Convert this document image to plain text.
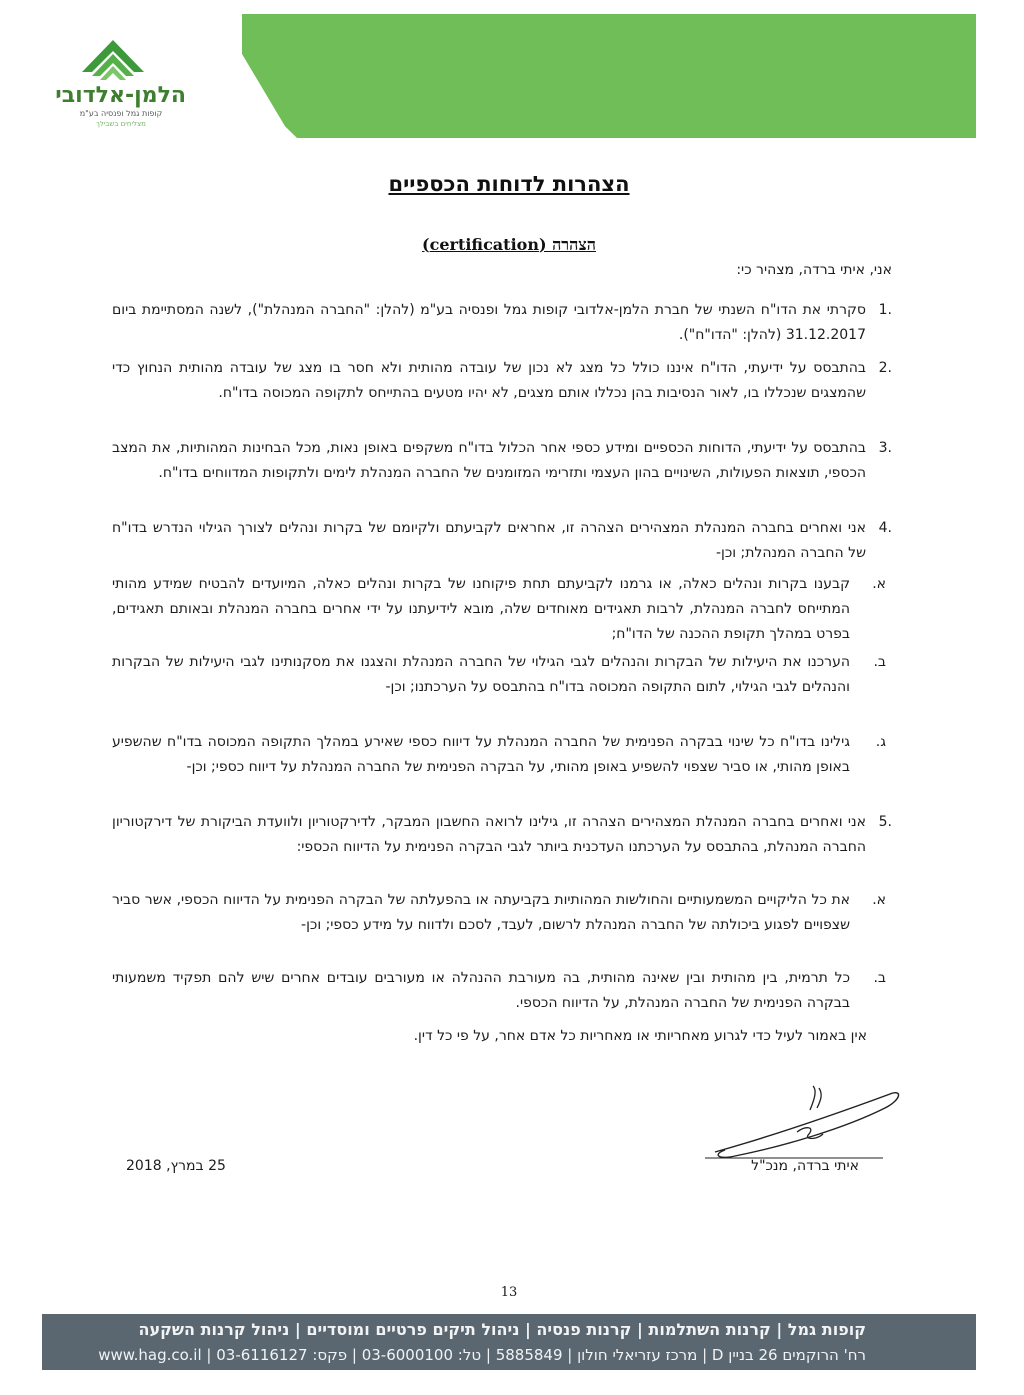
הלמן-אלדובי
קופות גמל ופנסיה בע"מ
מצליחים בשבילך
הצהרות לדוחות הכספיים
הצהרה (certification)
אני, איתי ברדה, מצהיר כי:
.1
סקרתי את הדו"ח השנתי של חברת הלמן-אלדובי קופות גמל ופנסיה בע"מ (להלן: "החברה המנהלת"), לשנה המסתיימת ביום 31.12.2017 (להלן: "הדו"ח").
.2
בהתבסס על ידיעתי, הדו"ח איננו כולל כל מצג לא נכון של עובדה מהותית ולא חסר בו מצג של עובדה מהותית הנחוץ כדי שהמצגים שנכללו בו, לאור הנסיבות בהן נכללו אותם מצגים, לא יהיו מטעים בהתייחס לתקופה המכוסה בדו"ח.
.3
בהתבסס על ידיעתי, הדוחות הכספיים ומידע כספי אחר הכלול בדו"ח משקפים באופן נאות, מכל הבחינות המהותיות, את המצב הכספי, תוצאות הפעולות, השינויים בהון העצמי ותזרימי המזומנים של החברה המנהלת לימים ולתקופות המדווחים בדו"ח.
.4
אני ואחרים בחברה המנהלת המצהירים הצהרה זו, אחראים לקביעתם ולקיומם של בקרות ונהלים לצורך הגילוי הנדרש בדו"ח של החברה המנהלת; וכן-
א.
קבענו בקרות ונהלים כאלה, או גרמנו לקביעתם תחת פיקוחנו של בקרות ונהלים כאלה, המיועדים להבטיח שמידע מהותי המתייחס לחברה המנהלת, לרבות תאגידים מאוחדים שלה, מובא לידיעתנו על ידי אחרים בחברה המנהלת ובאותם תאגידים, בפרט במהלך תקופת ההכנה של הדו"ח;
ב.
הערכנו את היעילות של הבקרות והנהלים לגבי הגילוי של החברה המנהלת והצגנו את מסקנותינו לגבי היעילות של הבקרות והנהלים לגבי הגילוי, לתום התקופה המכוסה בדו"ח בהתבסס על הערכתנו; וכן-
ג.
גילינו בדו"ח כל שינוי בבקרה הפנימית של החברה המנהלת על דיווח כספי שאירע במהלך התקופה המכוסה בדו"ח שהשפיע באופן מהותי, או סביר שצפוי להשפיע באופן מהותי, על הבקרה הפנימית של החברה המנהלת על דיווח כספי; וכן-
.5
אני ואחרים בחברה המנהלת המצהירים הצהרה זו, גילינו לרואה החשבון המבקר, לדירקטוריון ולוועדת הביקורת של דירקטוריון החברה המנהלת, בהתבסס על הערכתנו העדכנית ביותר לגבי הבקרה הפנימית על הדיווח הכספי:
א.
את כל הליקויים המשמעותיים והחולשות המהותיות בקביעתה או בהפעלתה של הבקרה הפנימית על הדיווח הכספי, אשר סביר שצפויים לפגוע ביכולתה של החברה המנהלת לרשום, לעבד, לסכם ולדווח על מידע כספי; וכן-
ב.
כל תרמית, בין מהותית ובין שאינה מהותית, בה מעורבת ההנהלה או מעורבים עובדים אחרים שיש להם תפקיד משמעותי בבקרה הפנימית של החברה המנהלת, על הדיווח הכספי.
אין באמור לעיל כדי לגרוע מאחריותי או מאחריות כל אדם אחר, על פי כל דין.
איתי ברדה, מנכ"ל
25 במרץ, 2018
13
קופות גמל | קרנות השתלמות | קרנות פנסיה | ניהול תיקים פרטיים ומוסדיים | ניהול קרנות השקעה
רח' הרוקמים 26 בניין D | מרכז עזריאלי חולון | 5885849 | טל: 03-6000100 | פקס: 03-6116127 | www.hag.co.il
